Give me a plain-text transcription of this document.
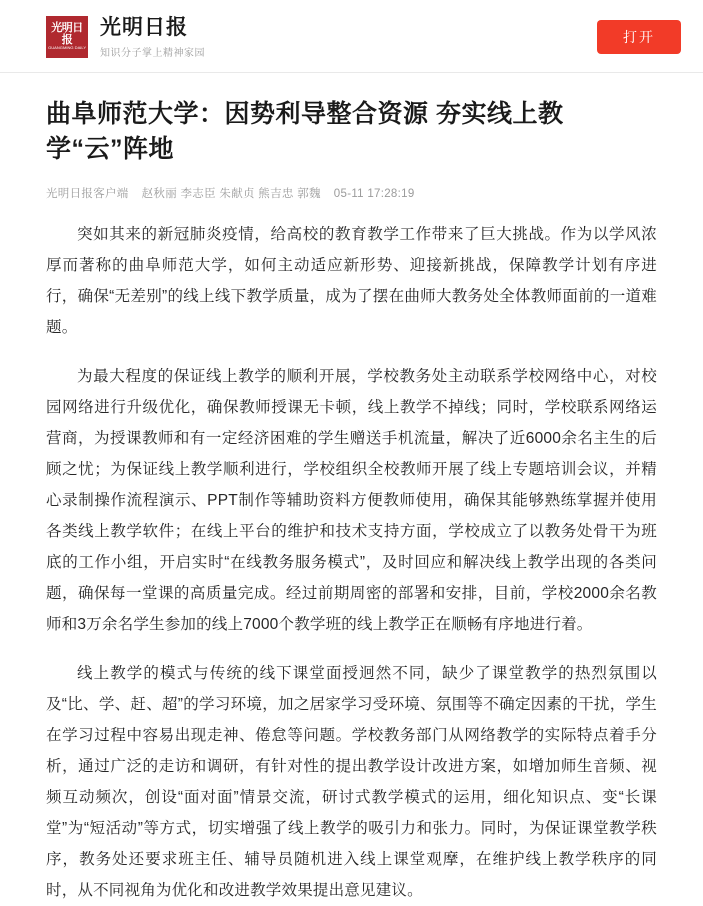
光明日报
GUANGMING DAILY
光明日报
知识分子掌上精神家园
打开
曲阜师范大学：因势利导整合资源 夯实线上教学“云”阵地
光明日报客户端 赵秋丽 李志臣 朱献贞 熊吉忠 郭魏 05-11 17:28:19

突如其来的新冠肺炎疫情，给高校的教育教学工作带来了巨大挑战。作为以学风浓厚而著称的曲阜师范大学，如何主动适应新形势、迎接新挑战，保障教学计划有序进行，确保“无差别”的线上线下教学质量，成为了摆在曲师大教务处全体教师面前的一道难题。

为最大程度的保证线上教学的顺利开展，学校教务处主动联系学校网络中心，对校园网络进行升级优化，确保教师授课无卡顿，线上教学不掉线；同时，学校联系网络运营商，为授课教师和有一定经济困难的学生赠送手机流量，解决了近6000余名主生的后顾之忧；为保证线上教学顺利进行，学校组织全校教师开展了线上专题培训会议，并精心录制操作流程演示、PPT制作等辅助资料方便教师使用，确保其能够熟练掌握并使用各类线上教学软件；在线上平台的维护和技术支持方面，学校成立了以教务处骨干为班底的工作小组，开启实时“在线教务服务模式”，及时回应和解决线上教学出现的各类问题，确保每一堂课的高质量完成。经过前期周密的部署和安排，目前，学校2000余名教师和3万余名学生参加的线上7000个教学班的线上教学正在顺畅有序地进行着。

线上教学的模式与传统的线下课堂面授迥然不同，缺少了课堂教学的热烈氛围以及“比、学、赶、超”的学习环境，加之居家学习受环境、氛围等不确定因素的干扰，学生在学习过程中容易出现走神、倦怠等问题。学校教务部门从网络教学的实际特点着手分析，通过广泛的走访和调研，有针对性的提出教学设计改进方案，如增加师生音频、视频互动频次，创设“面对面”情景交流，研讨式教学模式的运用，细化知识点、变“长课堂”为“短活动”等方式，切实增强了线上教学的吸引力和张力。同时，为保证课堂教学秩序，教务处还要求班主任、辅导员随机进入线上课堂观摩，在维护线上教学秩序的同时，从不同视角为优化和改进教学效果提出意见建议。
